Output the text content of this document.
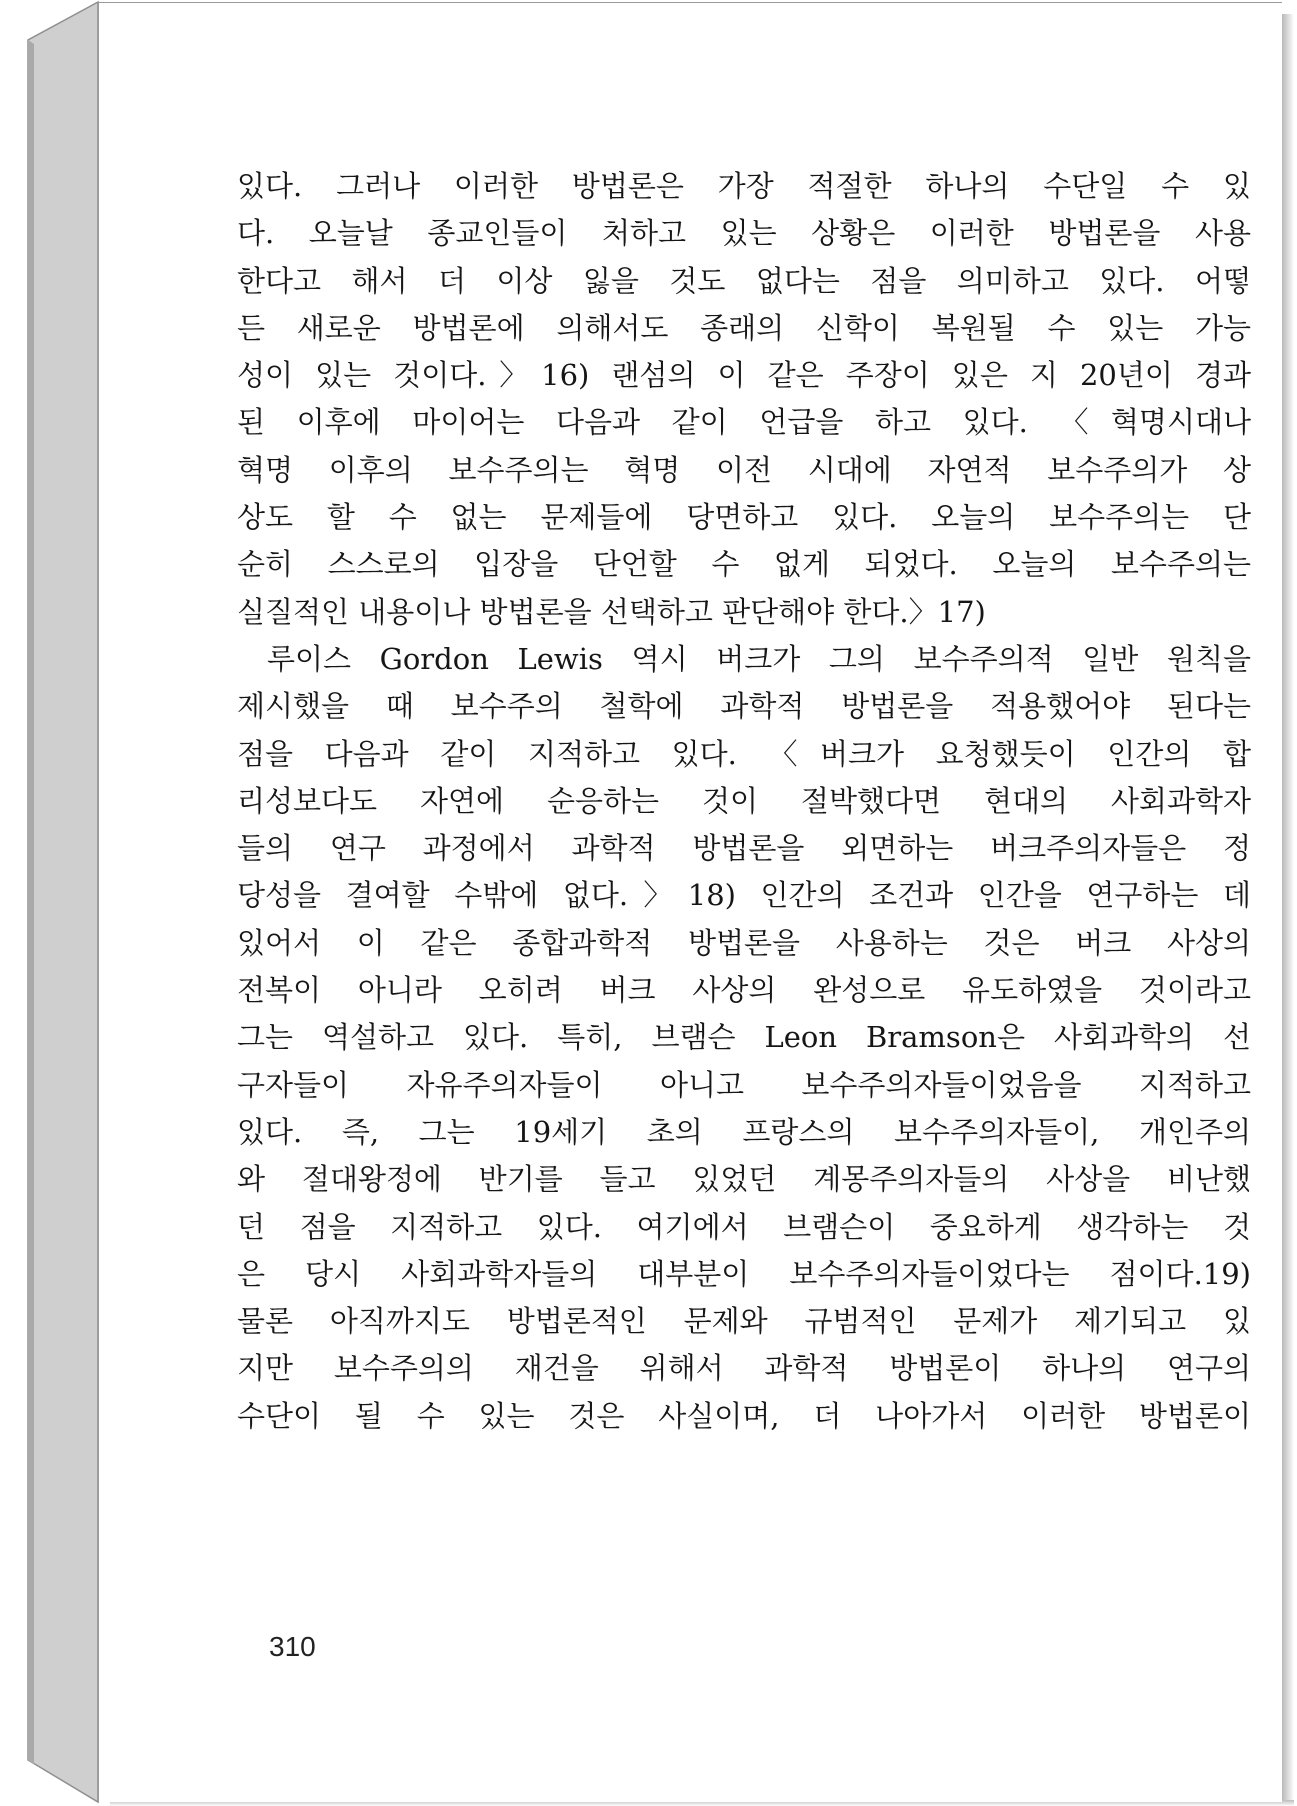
있다. 그러나 이러한 방법론은 가장 적절한 하나의 수단일 수 있
다. 오늘날 종교인들이 처하고 있는 상황은 이러한 방법론을 사용
한다고 해서 더 이상 잃을 것도 없다는 점을 의미하고 있다. 어떻
든 새로운 방법론에 의해서도 종래의 신학이 복원될 수 있는 가능
성이 있는 것이다.〉16) 랜섬의 이 같은 주장이 있은 지 20년이 경과
된 이후에 마이어는 다음과 같이 언급을 하고 있다. 〈혁명시대나
혁명 이후의 보수주의는 혁명 이전 시대에 자연적 보수주의가 상
상도 할 수 없는 문제들에 당면하고 있다. 오늘의 보수주의는 단
순히 스스로의 입장을 단언할 수 없게 되었다. 오늘의 보수주의는
실질적인 내용이나 방법론을 선택하고 판단해야 한다.〉17)
루이스 Gordon Lewis 역시 버크가 그의 보수주의적 일반 원칙을
제시했을 때 보수주의 철학에 과학적 방법론을 적용했어야 된다는
점을 다음과 같이 지적하고 있다. 〈버크가 요청했듯이 인간의 합
리성보다도 자연에 순응하는 것이 절박했다면 현대의 사회과학자
들의 연구 과정에서 과학적 방법론을 외면하는 버크주의자들은 정
당성을 결여할 수밖에 없다.〉18) 인간의 조건과 인간을 연구하는 데
있어서 이 같은 종합과학적 방법론을 사용하는 것은 버크 사상의
전복이 아니라 오히려 버크 사상의 완성으로 유도하였을 것이라고
그는 역설하고 있다. 특히, 브램슨 Leon Bramson은 사회과학의 선
구자들이 자유주의자들이 아니고 보수주의자들이었음을 지적하고
있다. 즉, 그는 19세기 초의 프랑스의 보수주의자들이, 개인주의
와 절대왕정에 반기를 들고 있었던 계몽주의자들의 사상을 비난했
던 점을 지적하고 있다. 여기에서 브램슨이 중요하게 생각하는 것
은 당시 사회과학자들의 대부분이 보수주의자들이었다는 점이다.19)
물론 아직까지도 방법론적인 문제와 규범적인 문제가 제기되고 있
지만 보수주의의 재건을 위해서 과학적 방법론이 하나의 연구의
수단이 될 수 있는 것은 사실이며, 더 나아가서 이러한 방법론이
310
